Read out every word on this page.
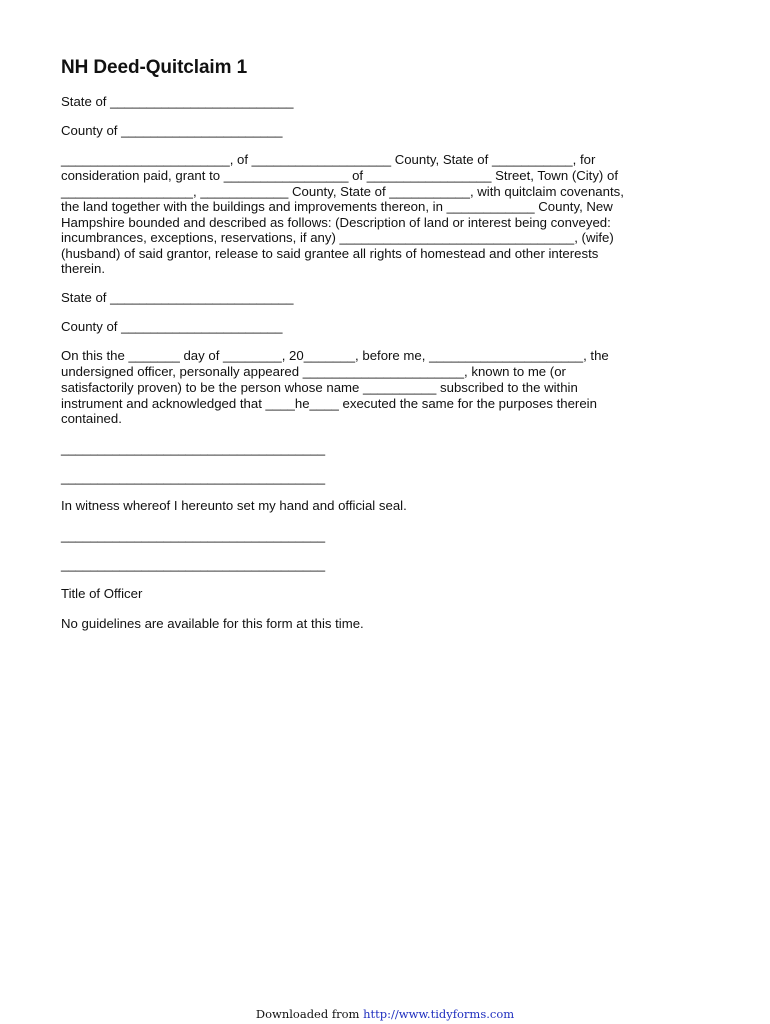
NH Deed-Quitclaim 1
State of _________________________
County of ______________________
_______________________, of ___________________ County, State of ___________, for
consideration paid, grant to _________________ of _________________ Street, Town (City) of
__________________, ____________ County, State of ___________, with quitclaim covenants,
the land together with the buildings and improvements thereon, in ____________ County, New
Hampshire bounded and described as follows: (Description of land or interest being conveyed:
incumbrances, exceptions, reservations, if any) ________________________________, (wife)
(husband) of said grantor, release to said grantee all rights of homestead and other interests
therein.
State of _________________________
County of ______________________
On this the _______ day of ________, 20_______, before me, _____________________, the
undersigned officer, personally appeared ______________________, known to me (or
satisfactorily proven) to be the person whose name __________ subscribed to the within
instrument and acknowledged that ____he____ executed the same for the purposes therein
contained.
____________________________________
____________________________________
In witness whereof I hereunto set my hand and official seal.
____________________________________
____________________________________
Title of Officer
No guidelines are available for this form at this time.
Downloaded from http://www.tidyforms.com
